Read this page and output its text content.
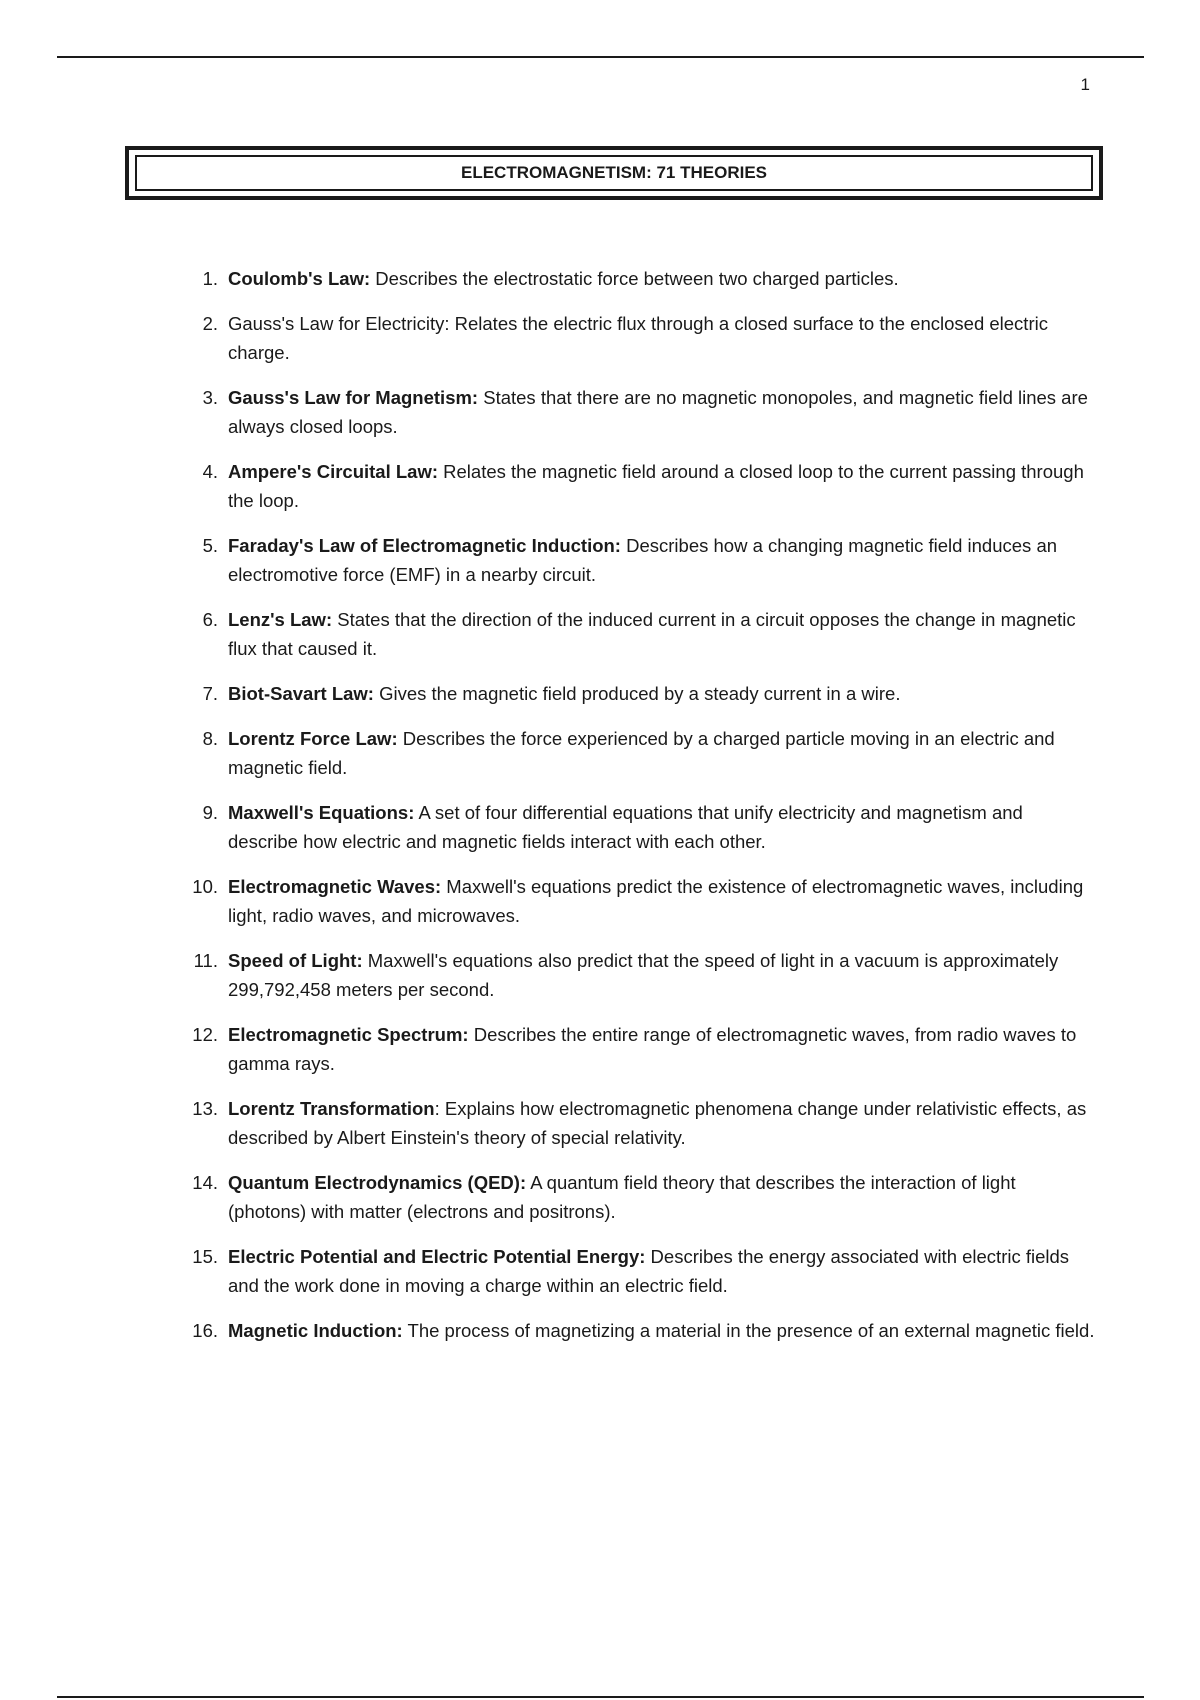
1
ELECTROMAGNETISM: 71 THEORIES
1. Coulomb's Law: Describes the electrostatic force between two charged particles.
2. Gauss's Law for Electricity: Relates the electric flux through a closed surface to the enclosed electric charge.
3. Gauss's Law for Magnetism: States that there are no magnetic monopoles, and magnetic field lines are always closed loops.
4. Ampere's Circuital Law: Relates the magnetic field around a closed loop to the current passing through the loop.
5. Faraday's Law of Electromagnetic Induction: Describes how a changing magnetic field induces an electromotive force (EMF) in a nearby circuit.
6. Lenz's Law: States that the direction of the induced current in a circuit opposes the change in magnetic flux that caused it.
7. Biot-Savart Law: Gives the magnetic field produced by a steady current in a wire.
8. Lorentz Force Law: Describes the force experienced by a charged particle moving in an electric and magnetic field.
9. Maxwell's Equations: A set of four differential equations that unify electricity and magnetism and describe how electric and magnetic fields interact with each other.
10. Electromagnetic Waves: Maxwell's equations predict the existence of electromagnetic waves, including light, radio waves, and microwaves.
11. Speed of Light: Maxwell's equations also predict that the speed of light in a vacuum is approximately 299,792,458 meters per second.
12. Electromagnetic Spectrum: Describes the entire range of electromagnetic waves, from radio waves to gamma rays.
13. Lorentz Transformation: Explains how electromagnetic phenomena change under relativistic effects, as described by Albert Einstein's theory of special relativity.
14. Quantum Electrodynamics (QED): A quantum field theory that describes the interaction of light (photons) with matter (electrons and positrons).
15. Electric Potential and Electric Potential Energy: Describes the energy associated with electric fields and the work done in moving a charge within an electric field.
16. Magnetic Induction: The process of magnetizing a material in the presence of an external magnetic field.
